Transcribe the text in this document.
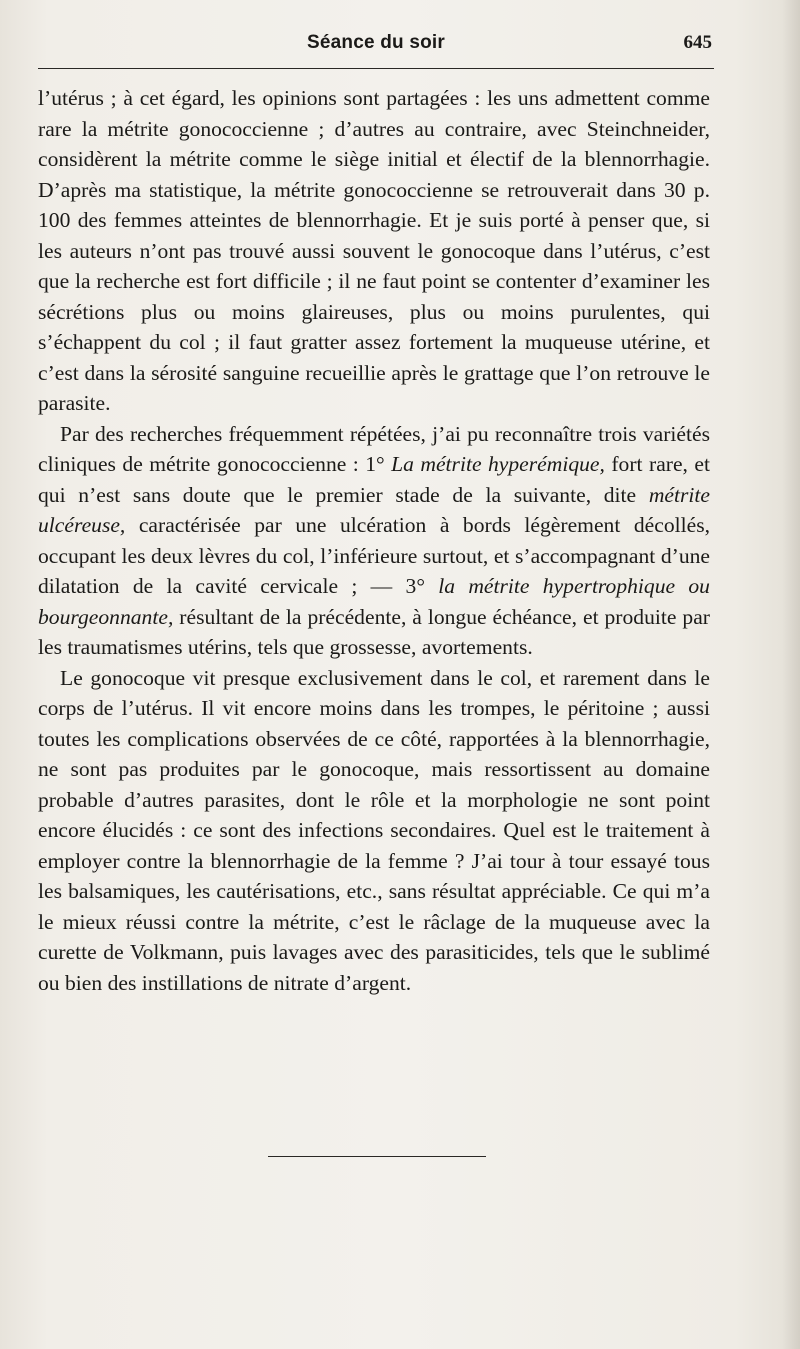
Séance du soir	645

l’utérus ; à cet égard, les opinions sont partagées : les uns admettent comme rare la métrite gonococcienne ; d’autres au contraire, avec Steinchneider, considèrent la métrite comme le siège initial et électif de la blennorrhagie. D’après ma statistique, la métrite gonococcienne se retrouverait dans 30 p. 100 des femmes atteintes de blennorrhagie. Et je suis porté à penser que, si les auteurs n’ont pas trouvé aussi souvent le gonocoque dans l’utérus, c’est que la recherche est fort difficile ; il ne faut point se contenter d’examiner les sécrétions plus ou moins glaireuses, plus ou moins purulentes, qui s’échappent du col ; il faut gratter assez fortement la muqueuse utérine, et c’est dans la sérosité sanguine recueillie après le grattage que l’on retrouve le parasite.

Par des recherches fréquemment répétées, j’ai pu reconnaître trois variétés cliniques de métrite gonococcienne : 1° La métrite hyperémique, fort rare, et qui n’est sans doute que le premier stade de la suivante, dite métrite ulcéreuse, caractérisée par une ulcération à bords légèrement décollés, occupant les deux lèvres du col, l’inférieure surtout, et s’accompagnant d’une dilatation de la cavité cervicale ; — 3° la métrite hypertrophique ou bourgeonnante, résultant de la précédente, à longue échéance, et produite par les traumatismes utérins, tels que grossesse, avortements.

Le gonocoque vit presque exclusivement dans le col, et rarement dans le corps de l’utérus. Il vit encore moins dans les trompes, le péritoine ; aussi toutes les complications observées de ce côté, rapportées à la blennorrhagie, ne sont pas produites par le gonocoque, mais ressortissent au domaine probable d’autres parasites, dont le rôle et la morphologie ne sont point encore élucidés : ce sont des infections secondaires. Quel est le traitement à employer contre la blennorrhagie de la femme ? J’ai tour à tour essayé tous les balsamiques, les cautérisations, etc., sans résultat appréciable. Ce qui m’a le mieux réussi contre la métrite, c’est le râclage de la muqueuse avec la curette de Volkmann, puis lavages avec des parasiticides, tels que le sublimé ou bien des instillations de nitrate d’argent.
